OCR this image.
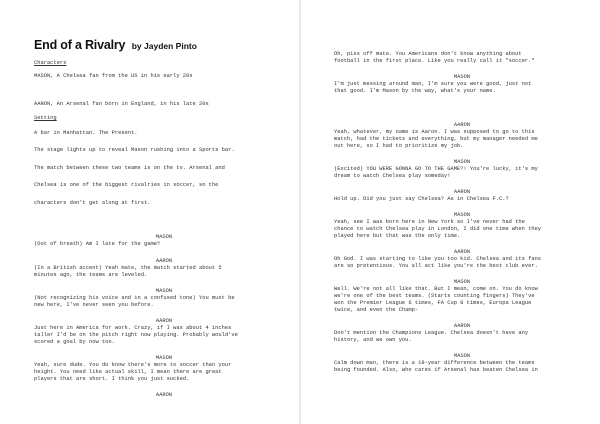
End of a Rivalry by Jayden Pinto
Characters
MASON, A Chelsea fan from the US in his early 20s
AARON, An Arsenal fan born in England, in his late 20s
Setting
A bar in Manhattan. The Present.
The stage lights up to reveal Mason rushing into a Sports bar.
The match between these two teams is on the tv. Arsenal and
Chelsea is one of the biggest rivalries in soccer, so the
characters don't get along at first.
MASON
(Out of breath) Am I late for the game?
AARON
(In a British accent) Yeah mate, the match started about 5
minutes ago, the teams are leveled.
MASON
(Not recognizing his voice and in a confused tone) You must be
new here, I've never seen you before.
AARON
Just here in America for work. Crazy, if I was about 4 inches
taller I'd be on the pitch right now playing. Probably would've
scored a goal by now too.
MASON
Yeah, sure dude. You do know there's more to soccer than your
height. You need like actual skill, I mean there are great
players that are short. I think you just sucked.
AARON
Oh, piss off mate. You Americans don't know anything about
football in the first place. Like you really call it "soccer."
MASON
I'm just messing around man, I'm sure you were good, just not
that good. I'm Mason by the way, what's your name.
AARON
Yeah, whatever, my name is Aaron. I was supposed to go to this
match, had the tickets and everything, but my manager needed me
out here, so I had to prioritize my job.
MASON
(Excited) YOU WERE GONNA GO TO THE GAME?! You're lucky, it's my
dream to watch Chelsea play someday!
AARON
Hold up. Did you just say Chelsea? As in Chelsea F.C.?
MASON
Yeah, see I was born here in New York so I've never had the
chance to watch Chelsea play in London, I did one time when they
played here but that was the only time.
AARON
Oh God. I was starting to like you too kid. Chelsea and its fans
are so pretentious. You all act like you're the best club ever.
MASON
Well. We're not all like that. But I mean, come on. You do know
we're one of the best teams. (Starts counting fingers) They've
won the Premier League 6 times, FA Cup 8 times, Europa League
twice, and even the Champ-
AARON
Don't mention the Champions League. Chelsea doesn't have any
history, and we own you.
MASON
Calm down man, there is a 19-year difference between the teams
being founded. Also, who cares if Arsenal has beaten Chelsea in
